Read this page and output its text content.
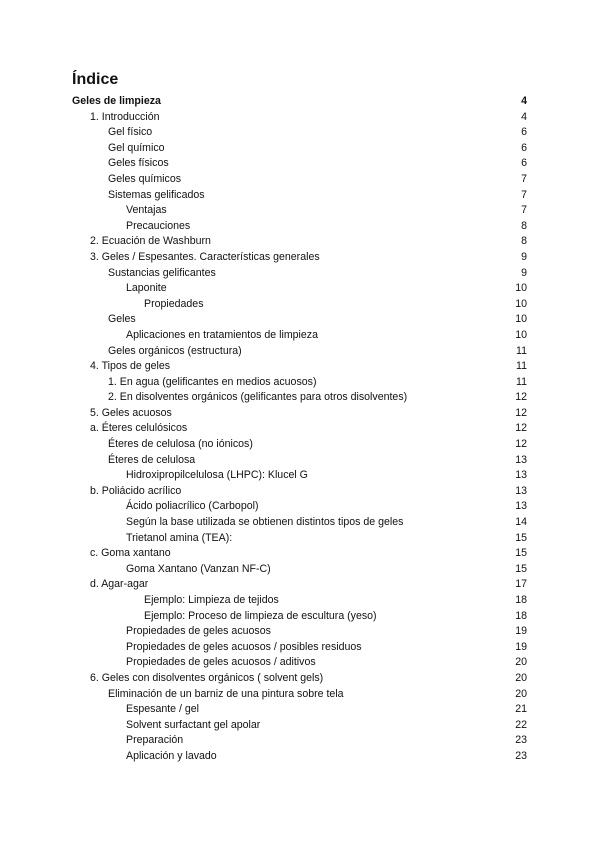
Índice
Geles de limpieza	4
1. Introducción	4
Gel físico	6
Gel químico	6
Geles físicos	6
Geles químicos	7
Sistemas gelificados	7
Ventajas	7
Precauciones	8
2. Ecuación de Washburn	8
3. Geles / Espesantes. Características generales	9
Sustancias gelificantes	9
Laponite	10
Propiedades	10
Geles	10
Aplicaciones en tratamientos de limpieza	10
Geles orgánicos (estructura)	11
4. Tipos de geles	11
1. En agua (gelificantes en medios acuosos)	11
2. En disolventes orgánicos (gelificantes para otros disolventes)	12
5. Geles acuosos	12
a. Éteres celulósicos	12
Éteres de celulosa (no iónicos)	12
Éteres de celulosa	13
Hidroxipropilcelulosa (LHPC): Klucel G	13
b. Poliácido acrílico	13
Ácido poliacrílico (Carbopol)	13
Según la base utilizada se obtienen distintos tipos de geles	14
Trietanol amina (TEA):	15
c. Goma xantano	15
Goma Xantano (Vanzan NF-C)	15
d. Agar-agar	17
Ejemplo: Limpieza de tejidos	18
Ejemplo: Proceso de limpieza de escultura (yeso)	18
Propiedades de geles acuosos	19
Propiedades de geles acuosos / posibles residuos	19
Propiedades de geles acuosos / aditivos	20
6. Geles con disolventes orgánicos ( solvent gels)	20
Eliminación de un barniz de una pintura sobre tela	20
Espesante / gel	21
Solvent surfactant gel apolar	22
Preparación	23
Aplicación y lavado	23
